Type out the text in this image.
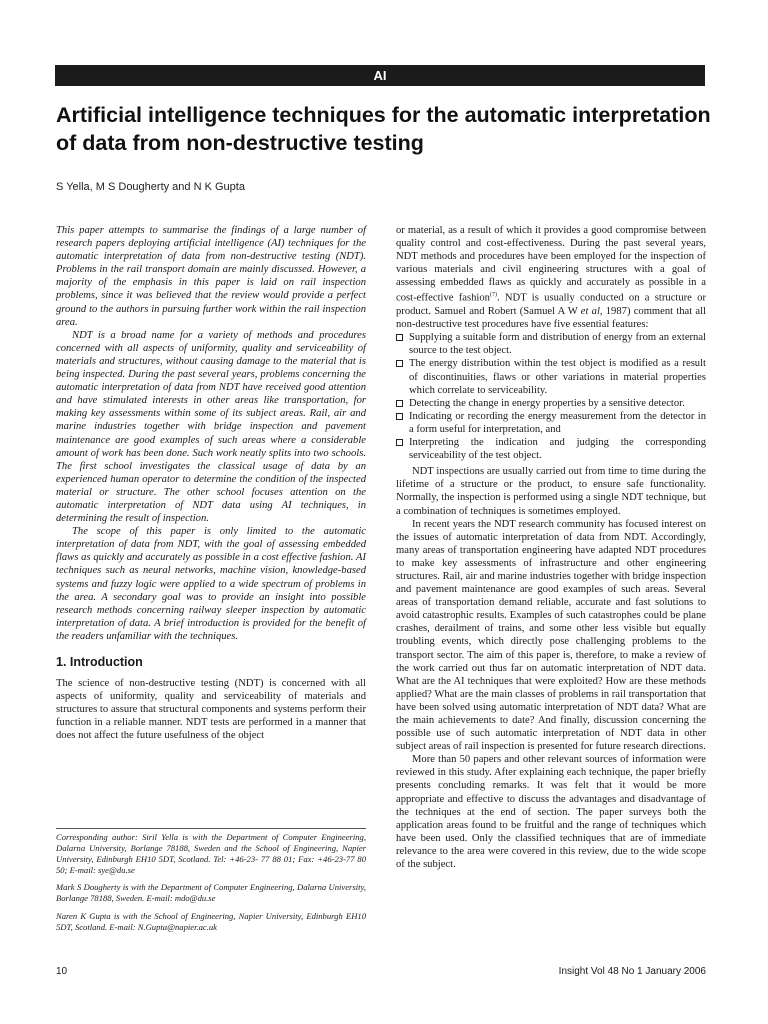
AI
Artificial intelligence techniques for the automatic interpretation of data from non-destructive testing
S Yella, M S Dougherty and N K Gupta

This paper attempts to summarise the findings of a large number of research papers deploying artificial intelligence (AI) techniques for the automatic interpretation of data from non-destructive testing (NDT). Problems in the rail transport domain are mainly discussed. However, a majority of the emphasis in this paper is laid on rail inspection problems, since it was believed that the review would provide a perfect ground to the authors in pursuing further work within the rail inspection area.

NDT is a broad name for a variety of methods and procedures concerned with all aspects of uniformity, quality and serviceability of materials and structures, without causing damage to the material that is being inspected. During the past several years, problems concerning the automatic interpretation of data from NDT have received good attention and have stimulated interests in other areas like transportation, for making key assessments within some of its subject areas. Rail, air and marine industries together with bridge inspection and pavement maintenance are good examples of such areas where a considerable amount of work has been done. Such work neatly splits into two schools. The first school investigates the classical usage of data by an experienced human operator to determine the condition of the inspected material or structure. The other school focuses attention on the automatic interpretation of NDT data using AI techniques, in determining the result of inspection.

The scope of this paper is only limited to the automatic interpretation of data from NDT, with the goal of assessing embedded flaws as quickly and accurately as possible in a cost effective fashion. AI techniques such as neural networks, machine vision, knowledge-based systems and fuzzy logic were applied to a wide spectrum of problems in the area. A secondary goal was to provide an insight into possible research methods concerning railway sleeper inspection by automatic interpretation of data. A brief introduction is provided for the benefit of the readers unfamiliar with the techniques.

1. Introduction

The science of non-destructive testing (NDT) is concerned with all aspects of uniformity, quality and serviceability of materials and structures to assure that structural components and systems perform their function in a reliable manner. NDT tests are performed in a manner that does not affect the future usefulness of the object

or material, as a result of which it provides a good compromise between quality control and cost-effectiveness. During the past several years, NDT methods and procedures have been employed for the inspection of various materials and civil engineering structures with a goal of assessing embedded flaws as quickly and accurately as possible in a cost-effective fashion$^{(7)}$. NDT is usually conducted on a structure or product. Samuel and Robert (Samuel A W et al, 1987) comment that all non-destructive test procedures have five essential features:

Supplying a suitable form and distribution of energy from an external source to the test object.
The energy distribution within the test object is modified as a result of discontinuities, flaws or other variations in material properties which correlate to serviceability.
Detecting the change in energy properties by a sensitive detector.
Indicating or recording the energy measurement from the detector in a form useful for interpretation, and
Interpreting the indication and judging the corresponding serviceability of the test object.

NDT inspections are usually carried out from time to time during the lifetime of a structure or the product, to ensure safe functionality. Normally, the inspection is performed using a single NDT technique, but a combination of techniques is sometimes employed.

In recent years the NDT research community has focused interest on the issues of automatic interpretation of data from NDT. Accordingly, many areas of transportation engineering have adapted NDT procedures to make key assessments of infrastructure and other engineering structures. Rail, air and marine industries together with bridge inspection and pavement maintenance are good examples of such areas. Several areas of transportation demand reliable, accurate and fast solutions to avoid catastrophic results. Examples of such catastrophes could be plane crashes, derailment of trains, and some other less visible but equally troubling events, which directly pose challenging problems to the transport sector. The aim of this paper is, therefore, to make a review of the work carried out thus far on automatic interpretation of NDT data. What are the AI techniques that were exploited? How are these methods applied? What are the main classes of problems in rail transportation that have been solved using automatic interpretation of NDT data? What are the main achievements to date? And finally, discussion concerning the possible use of such automatic interpretation of NDT data in other subject areas of rail inspection is presented for future research directions.

More than 50 papers and other relevant sources of information were reviewed in this study. After explaining each technique, the paper briefly presents concluding remarks. It was felt that it would be more appropriate and effective to discuss the advantages and disadvantage of the techniques at the end of section. The paper surveys both the application areas found to be fruitful and the range of techniques which have been used. Only the classified techniques that are of immediate relevance to the area were covered in this review, due to the wide scope of the subject.

Corresponding author: Siril Yella is with the Department of Computer Engineering, Dalarna University, Borlange 78188, Sweden and the School of Engineering, Napier University, Edinburgh EH10 5DT, Scotland. Tel: +46-23- 77 88 01; Fax: +46-23-77 80 50; E-mail: sye@du.se

Mark S Dougherty is with the Department of Computer Engineering, Dalarna University, Borlange 78188, Sweden. E-mail: mdo@du.se

Naren K Gupta is with the School of Engineering, Napier University, Edinburgh EH10 5DT, Scotland. E-mail: N.Gupta@napier.ac.uk

10	Insight Vol 48 No 1 January 2006
